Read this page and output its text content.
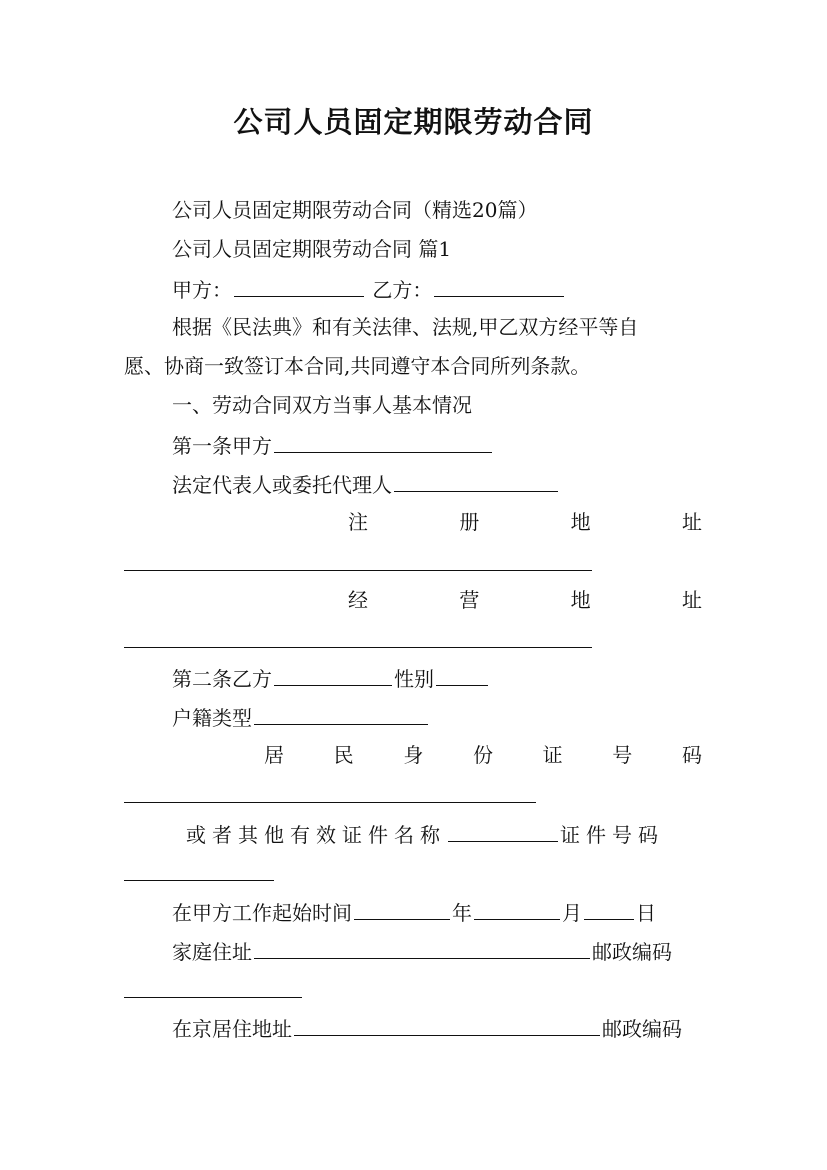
公司人员固定期限劳动合同
公司人员固定期限劳动合同（精选20篇）
公司人员固定期限劳动合同 篇1
甲方：	乙方：
根据《民法典》和有关法律、法规,甲乙双方经平等自
愿、协商一致签订本合同,共同遵守本合同所列条款。
一、劳动合同双方当事人基本情况
第一条甲方
法定代表人或委托代理人
注	册	地	址
经	营	地	址
第二条乙方	性别
户籍类型
居 民 身 份 证 号 码
或者其他有效证件名称	证件号码
在甲方工作起始时间	年	月	日
家庭住址	邮政编码
在京居住地址	邮政编码
